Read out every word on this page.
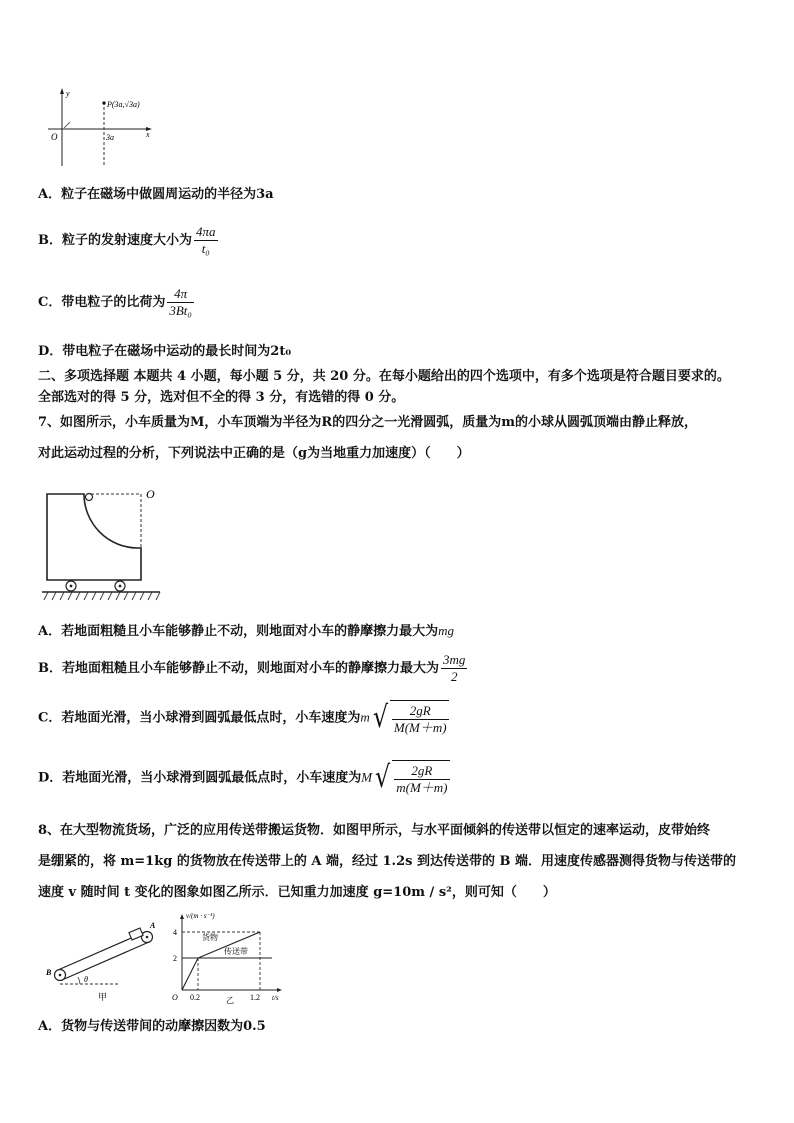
y
x
O
P(3a,√3a)
3a
A．粒子在磁场中做圆周运动的半径为3a
B．粒子的发射速度大小为 $\frac{4\pi a}{\text{t₀}}$
C．带电粒子的比荷为 $\frac{4\pi}{\text{3Bt₀}}$
D．带电粒子在磁场中运动的最长时间为2t₀
二、多项选择题 本题共 4 小题，每小题 5 分，共 20 分。在每小题给出的四个选项中，有多个选项是符合题目要求的。
全部选对的得 5 分，选对但不全的得 3 分，有选错的得 0 分。
7、如图所示，小车质量为M，小车顶端为半径为R的四分之一光滑圆弧，质量为m的小球从圆弧顶端由静止释放，
对此运动过程的分析，下列说法中正确的是（g为当地重力加速度）（　　）
O
A．若地面粗糙且小车能够静止不动，则地面对小车的静摩擦力最大为mg
B．若地面粗糙且小车能够静止不动，则地面对小车的静摩擦力最大为 $\frac{3mg}{2}$
C．若地面光滑，当小球滑到圆弧最低点时，小车速度为$m√ \frac{2gR}{M(M+m)}$
D．若地面光滑，当小球滑到圆弧最低点时，小车速度为$M√ \frac{2gR}{m(M+m)}$
8、在大型物流货场，广泛的应用传送带搬运货物．如图甲所示，与水平面倾斜的传送带以恒定的速率运动，皮带始终
是绷紧的，将 m=1kg 的货物放在传送带上的 A 端，经过 1.2s 到达传送带的 B 端．用速度传感器测得货物与传送带的
速度 v 随时间 t 变化的图象如图乙所示．已知重力加速度 g=10m / s²，则可知（　　）
A
B
θ
甲
v/(m · s⁻¹)
t/s
O
2
4
0.2	1.2
货物
传送带
乙
A．货物与传送带间的动摩擦因数为0.5
